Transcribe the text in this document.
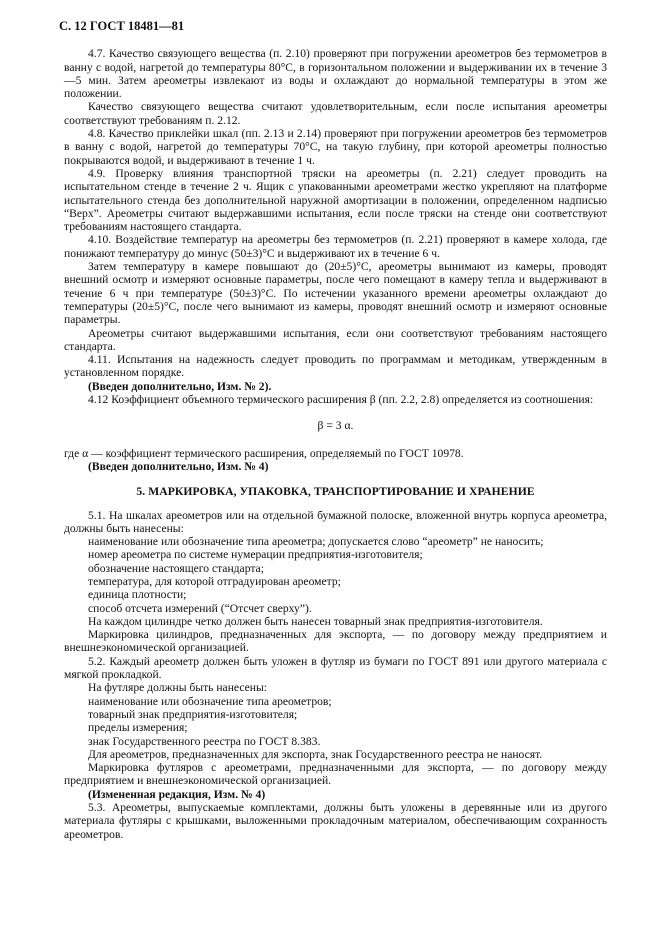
С. 12 ГОСТ 18481—81

4.7. Качество связующего вещества (п. 2.10) проверяют при погружении ареометров без термометров в ванну с водой, нагретой до температуры 80°С, в горизонтальном положении и выдерживании их в течение 3—5 мин. Затем ареометры извлекают из воды и охлаждают до нормальной температуры в этом же положении.

Качество связующего вещества считают удовлетворительным, если после испытания ареометры соответствуют требованиям п. 2.12.

4.8. Качество приклейки шкал (пп. 2.13 и 2.14) проверяют при погружении ареометров без термометров в ванну с водой, нагретой до температуры 70°С, на такую глубину, при которой ареометры полностью покрываются водой, и выдерживают в течение 1 ч.

4.9. Проверку влияния транспортной тряски на ареометры (п. 2.21) следует проводить на испытательном стенде в течение 2 ч. Ящик с упакованными ареометрами жестко укрепляют на платформе испытательного стенда без дополнительной наружной амортизации в положении, определенном надписью “Верх”. Ареометры считают выдержавшими испытания, если после тряски на стенде они соответствуют требованиям настоящего стандарта.

4.10. Воздействие температур на ареометры без термометров (п. 2.21) проверяют в камере холода, где понижают температуру до минус (50±3)°С и выдерживают их в течение 6 ч.

Затем температуру в камере повышают до (20±5)°С, ареометры вынимают из камеры, проводят внешний осмотр и измеряют основные параметры, после чего помещают в камеру тепла и выдерживают в течение 6 ч при температуре (50±3)°С. По истечении указанного времени ареометры охлаждают до температуры (20±5)°С, после чего вынимают из камеры, проводят внешний осмотр и измеряют основные параметры.

Ареометры считают выдержавшими испытания, если они соответствуют требованиям настоящего стандарта.

4.11. Испытания на надежность следует проводить по программам и методикам, утвержденным в установленном порядке.

(Введен дополнительно, Изм. № 2).

4.12 Коэффициент объемного термического расширения β (пп. 2.2, 2.8) определяется из соотношения:

β = 3 α.

где α — коэффициент термического расширения, определяемый по ГОСТ 10978.

(Введен дополнительно, Изм. № 4)

5. МАРКИРОВКА, УПАКОВКА, ТРАНСПОРТИРОВАНИЕ И ХРАНЕНИЕ

5.1. На шкалах ареометров или на отдельной бумажной полоске, вложенной внутрь корпуса ареометра, должны быть нанесены:

наименование или обозначение типа ареометра; допускается слово “ареометр” не наносить;

номер ареометра по системе нумерации предприятия-изготовителя;

обозначение настоящего стандарта;

температура, для которой отградуирован ареометр;

единица плотности;

способ отсчета измерений (“Отсчет сверху”).

На каждом цилиндре четко должен быть нанесен товарный знак предприятия-изготовителя.

Маркировка цилиндров, предназначенных для экспорта, — по договору между предприятием и внешнеэкономической организацией.

5.2. Каждый ареометр должен быть уложен в футляр из бумаги по ГОСТ 891 или другого материала с мягкой прокладкой.

На футляре должны быть нанесены:

наименование или обозначение типа ареометров;

товарный знак предприятия-изготовителя;

пределы измерения;

знак Государственного реестра по ГОСТ 8.383.

Для ареометров, предназначенных для экспорта, знак Государственного реестра не наносят.

Маркировка футляров с ареометрами, предназначенными для экспорта, — по договору между предприятием и внешнеэкономической организацией.

(Измененная редакция, Изм. № 4)

5.3. Ареометры, выпускаемые комплектами, должны быть уложены в деревянные или из другого материала футляры с крышками, выложенными прокладочным материалом, обеспечивающим сохранность ареометров.
